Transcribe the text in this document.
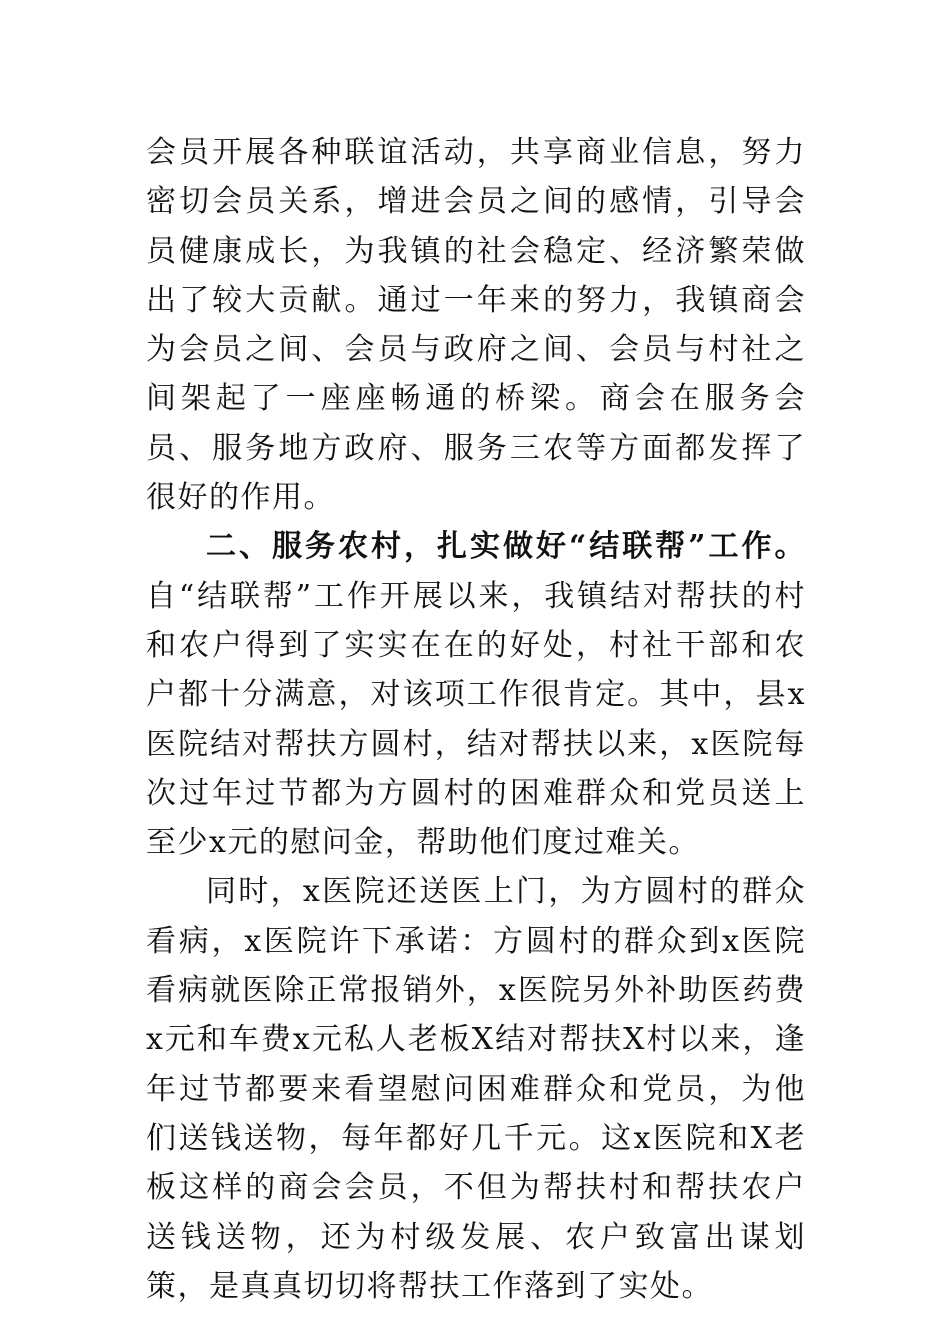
会员开展各种联谊活动，共享商业信息，努力密切会员关系，增进会员之间的感情，引导会员健康成长，为我镇的社会稳定、经济繁荣做出了较大贡献。通过一年来的努力，我镇商会为会员之间、会员与政府之间、会员与村社之间架起了一座座畅通的桥梁。商会在服务会员、服务地方政府、服务三农等方面都发挥了很好的作用。

二、服务农村，扎实做好“结联帮”工作。自“结联帮”工作开展以来，我镇结对帮扶的村和农户得到了实实在在的好处，村社干部和农户都十分满意，对该项工作很肯定。其中，县x医院结对帮扶方圆村，结对帮扶以来，x医院每次过年过节都为方圆村的困难群众和党员送上至少x元的慰问金，帮助他们度过难关。

同时，x医院还送医上门，为方圆村的群众看病，x医院许下承诺：方圆村的群众到x医院看病就医除正常报销外，x医院另外补助医药费x元和车费x元私人老板X结对帮扶X村以来，逢年过节都要来看望慰问困难群众和党员，为他们送钱送物，每年都好几千元。这x医院和X老板这样的商会会员，不但为帮扶村和帮扶农户送钱送物，还为村级发展、农户致富出谋划策，是真真切切将帮扶工作落到了实处。
